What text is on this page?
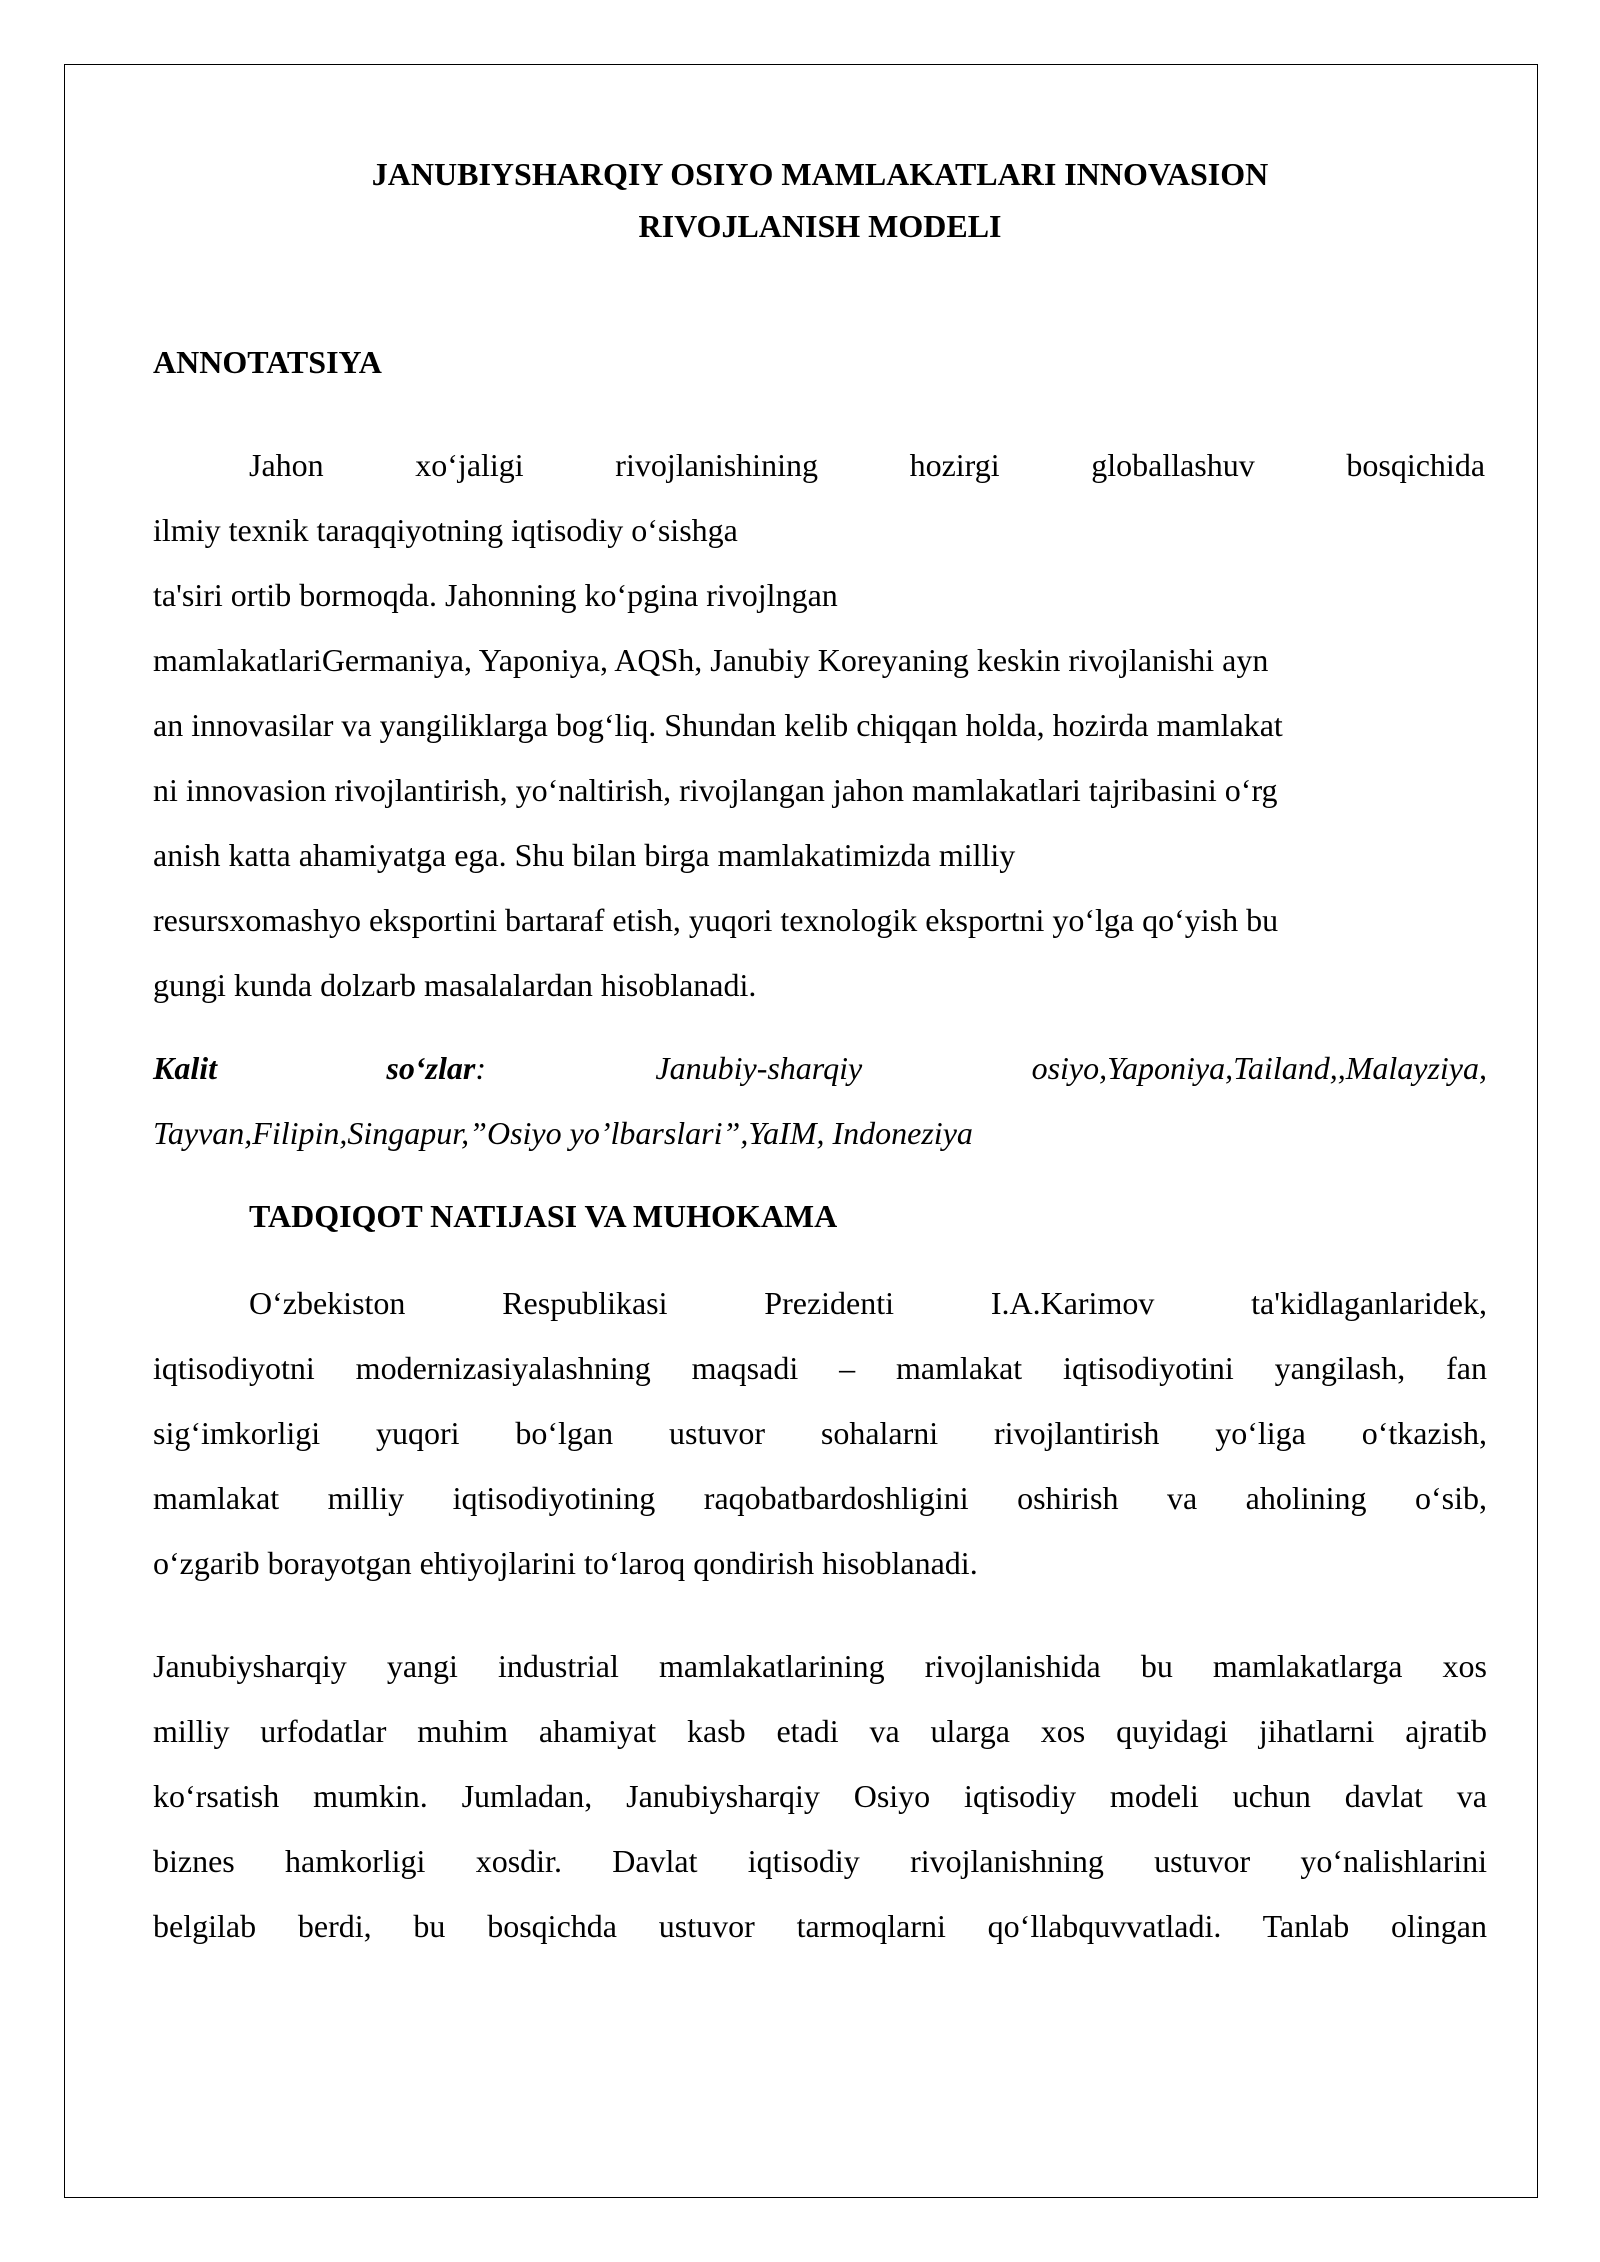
JANUBIYSHARQIY OSIYO MAMLAKATLARI INNOVASION
RIVOJLANISH MODELI
ANNOTATSIYA
Jahon	xo‘jaligi	rivojlanishining	hozirgi globallashuv	bosqichida
ilmiy texnik taraqqiyotning iqtisodiy o‘sishga
ta'siri ortib bormoqda. Jahonning ko‘pgina rivojlngan
mamlakatlariGermaniya, Yaponiya, AQSh, Janubiy Koreyaning keskin rivojlanishi ayn
an innovasilar va yangiliklarga bog‘liq. Shundan kelib chiqqan holda, hozirda mamlakat
ni innovasion rivojlantirish, yo‘naltirish, rivojlangan jahon mamlakatlari tajribasini o‘rg
anish katta ahamiyatga ega. Shu bilan birga mamlakatimizda milliy
resursxomashyo eksportini bartaraf etish, yuqori texnologik eksportni yo‘lga qo‘yish bu
gungi kunda dolzarb masalalardan hisoblanadi.
Kalit	so‘zlar:	Janubiy-sharqiy	osiyo,Yaponiya,Tailand,,Malayziya,
Tayvan,Filipin,Singapur,”Osiyo yo’lbarslari”,YaIM, Indoneziya
TADQIQOT NATIJASI VA MUHOKAMA
O‘zbekiston Respublikasi Prezidenti I.A.Karimov ta'kidlaganlaridek,
iqtisodiyotni modernizasiyalashning maqsadi – mamlakat iqtisodiyotini yangilash, fan
sig‘imkorligi yuqori bo‘lgan ustuvor sohalarni rivojlantirish yo‘liga o‘tkazish,
mamlakat milliy iqtisodiyotining raqobatbardoshligini oshirish va aholining o‘sib,
o‘zgarib borayotgan ehtiyojlarini to‘laroq qondirish hisoblanadi.
Janubiysharqiy yangi industrial mamlakatlarining rivojlanishida bu mamlakatlarga xos
milliy urfodatlar muhim ahamiyat kasb etadi va ularga xos quyidagi jihatlarni ajratib
ko‘rsatish mumkin. Jumladan, Janubiysharqiy Osiyo iqtisodiy modeli uchun davlat va
biznes hamkorligi xosdir. Davlat iqtisodiy rivojlanishning ustuvor yo‘nalishlarini
belgilab berdi, bu bosqichda ustuvor tarmoqlarni qo‘llabquvvatladi. Tanlab olingan
